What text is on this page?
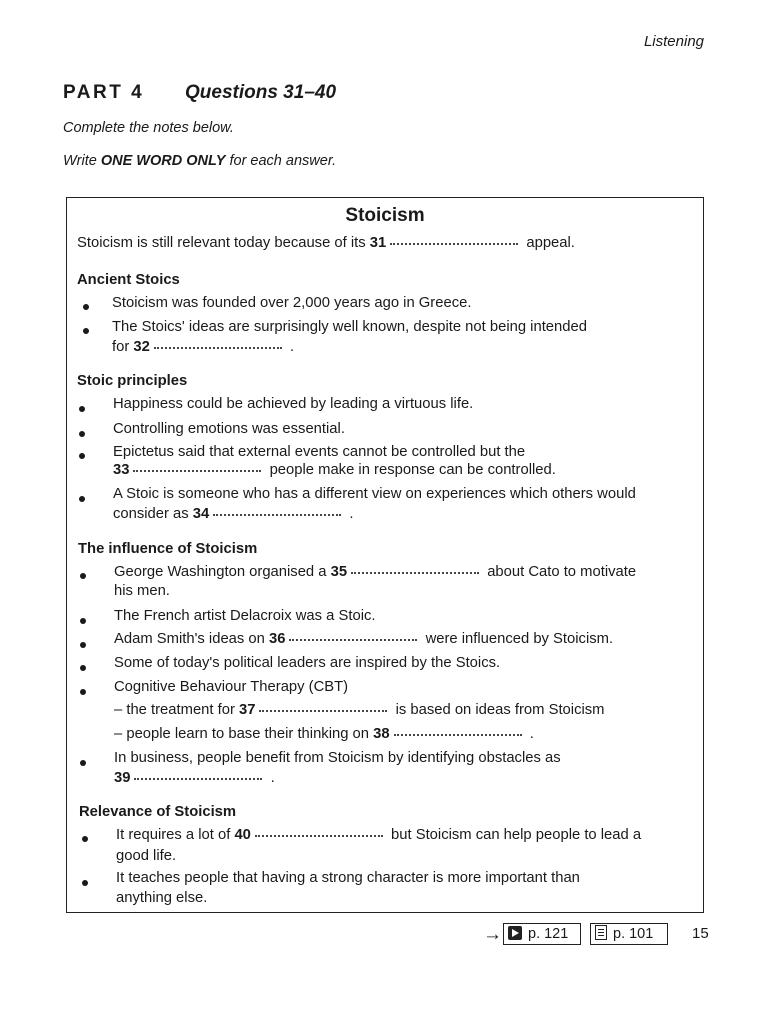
Listening
PART 4 Questions 31–40
Complete the notes below.
Write ONE WORD ONLY for each answer.
Stoicism
Stoicism is still relevant today because of its 31	appeal.
Ancient Stoics
Stoicism was founded over 2,000 years ago in Greece.
The Stoics' ideas are surprisingly well known, despite not being intended
for 32	.
Stoic principles
Happiness could be achieved by leading a virtuous life.
Controlling emotions was essential.
Epictetus said that external events cannot be controlled but the
33	people make in response can be controlled.
A Stoic is someone who has a different view on experiences which others would
consider as 34	.
The influence of Stoicism
George Washington organised a 35	about Cato to motivate
his men.
The French artist Delacroix was a Stoic.
Adam Smith's ideas on 36	were influenced by Stoicism.
Some of today's political leaders are inspired by the Stoics.
Cognitive Behaviour Therapy (CBT)
– the treatment for 37	is based on ideas from Stoicism
– people learn to base their thinking on 38	.
In business, people benefit from Stoicism by identifying obstacles as
39	.
Relevance of Stoicism
It requires a lot of 40	but Stoicism can help people to lead a
good life.
It teaches people that having a strong character is more important than
anything else.
→	p. 121	p. 101	15
